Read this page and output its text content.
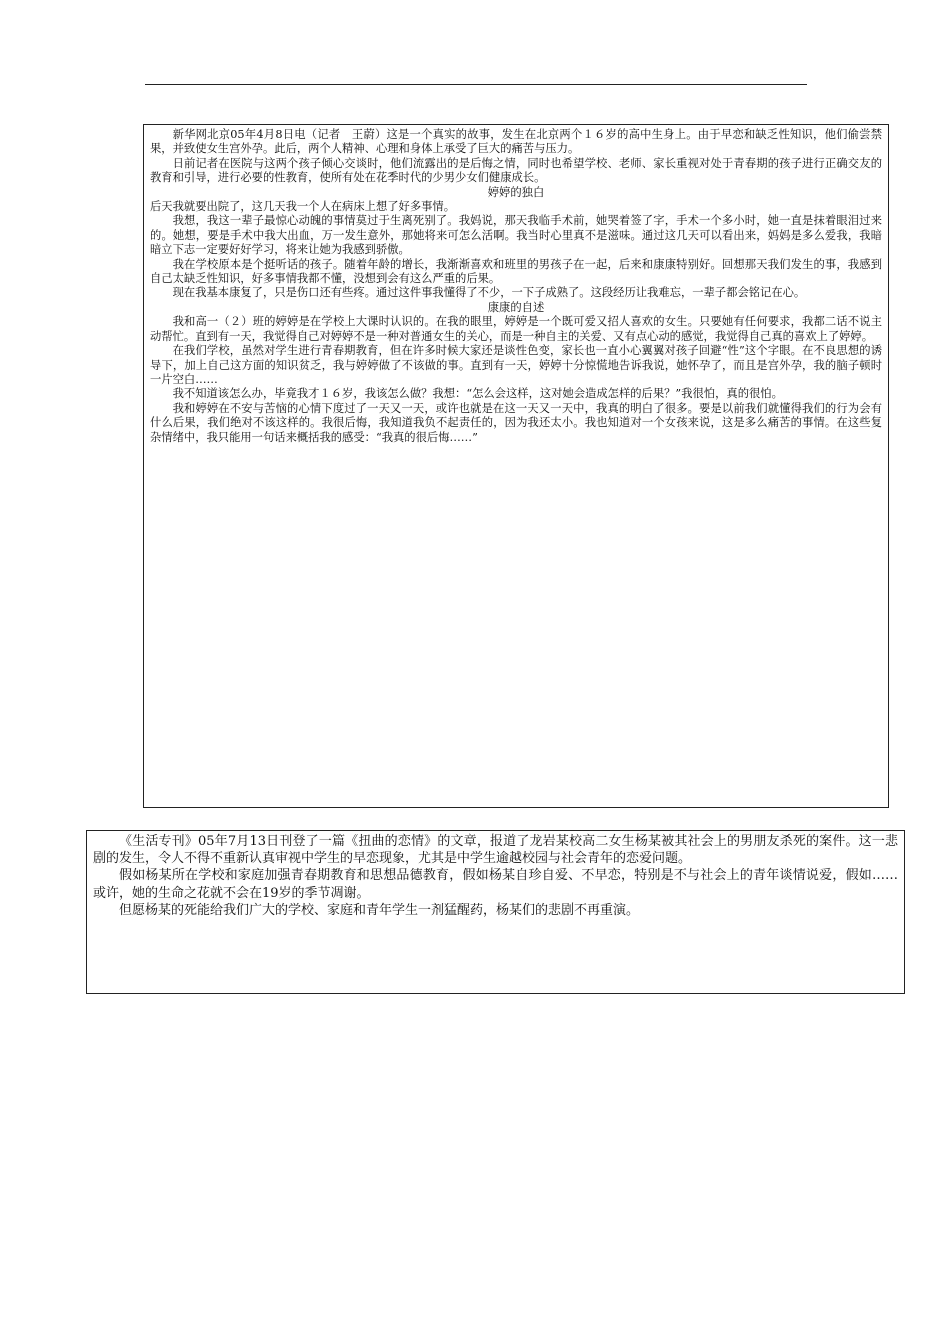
新华网北京05年4月8日电（记者　王蔚）这是一个真实的故事，发生在北京两个１６岁的高中生身上。由于早恋和缺乏性知识，他们偷尝禁果，并致使女生宫外孕。此后，两个人精神、心理和身体上承受了巨大的痛苦与压力。

日前记者在医院与这两个孩子倾心交谈时，他们流露出的是后悔之情，同时也希望学校、老师、家长重视对处于青春期的孩子进行正确交友的教育和引导，进行必要的性教育，使所有处在花季时代的少男少女们健康成长。

婷婷的独白

后天我就要出院了，这几天我一个人在病床上想了好多事情。

我想，我这一辈子最惊心动魄的事情莫过于生离死别了。我妈说，那天我临手术前，她哭着签了字，手术一个多小时，她一直是抹着眼泪过来的。她想，要是手术中我大出血，万一发生意外，那她将来可怎么活啊。我当时心里真不是滋味。通过这几天可以看出来，妈妈是多么爱我，我暗暗立下志一定要好好学习，将来让她为我感到骄傲。

我在学校原本是个挺听话的孩子。随着年龄的增长，我渐渐喜欢和班里的男孩子在一起，后来和康康特别好。回想那天我们发生的事，我感到自己太缺乏性知识，好多事情我都不懂，没想到会有这么严重的后果。

现在我基本康复了，只是伤口还有些疼。通过这件事我懂得了不少，一下子成熟了。这段经历让我难忘，一辈子都会铭记在心。

康康的自述

我和高一（２）班的婷婷是在学校上大课时认识的。在我的眼里，婷婷是一个既可爱又招人喜欢的女生。只要她有任何要求，我都二话不说主动帮忙。直到有一天，我觉得自己对婷婷不是一种对普通女生的关心，而是一种自主的关爱、又有点心动的感觉，我觉得自己真的喜欢上了婷婷。

在我们学校，虽然对学生进行青春期教育，但在许多时候大家还是谈性色变，家长也一直小心翼翼对孩子回避“性”这个字眼。在不良思想的诱导下，加上自己这方面的知识贫乏，我与婷婷做了不该做的事。直到有一天，婷婷十分惊慌地告诉我说，她怀孕了，而且是宫外孕，我的脑子顿时一片空白……

我不知道该怎么办，毕竟我才１６岁，我该怎么做？我想：“怎么会这样，这对她会造成怎样的后果？”我很怕，真的很怕。

我和婷婷在不安与苦恼的心情下度过了一天又一天，或许也就是在这一天又一天中，我真的明白了很多。要是以前我们就懂得我们的行为会有什么后果，我们绝对不该这样的。我很后悔，我知道我负不起责任的，因为我还太小。我也知道对一个女孩来说，这是多么痛苦的事情。在这些复杂情绪中，我只能用一句话来概括我的感受：“我真的很后悔……”

《生活专刊》05年7月13日刊登了一篇《扭曲的恋情》的文章，报道了龙岩某校高二女生杨某被其社会上的男朋友杀死的案件。这一悲剧的发生，令人不得不重新认真审视中学生的早恋现象，尤其是中学生逾越校园与社会青年的恋爱问题。

假如杨某所在学校和家庭加强青春期教育和思想品德教育，假如杨某自珍自爱、不早恋，特别是不与社会上的青年谈情说爱，假如……或许，她的生命之花就不会在19岁的季节凋谢。

但愿杨某的死能给我们广大的学校、家庭和青年学生一剂猛醒药，杨某们的悲剧不再重演。
